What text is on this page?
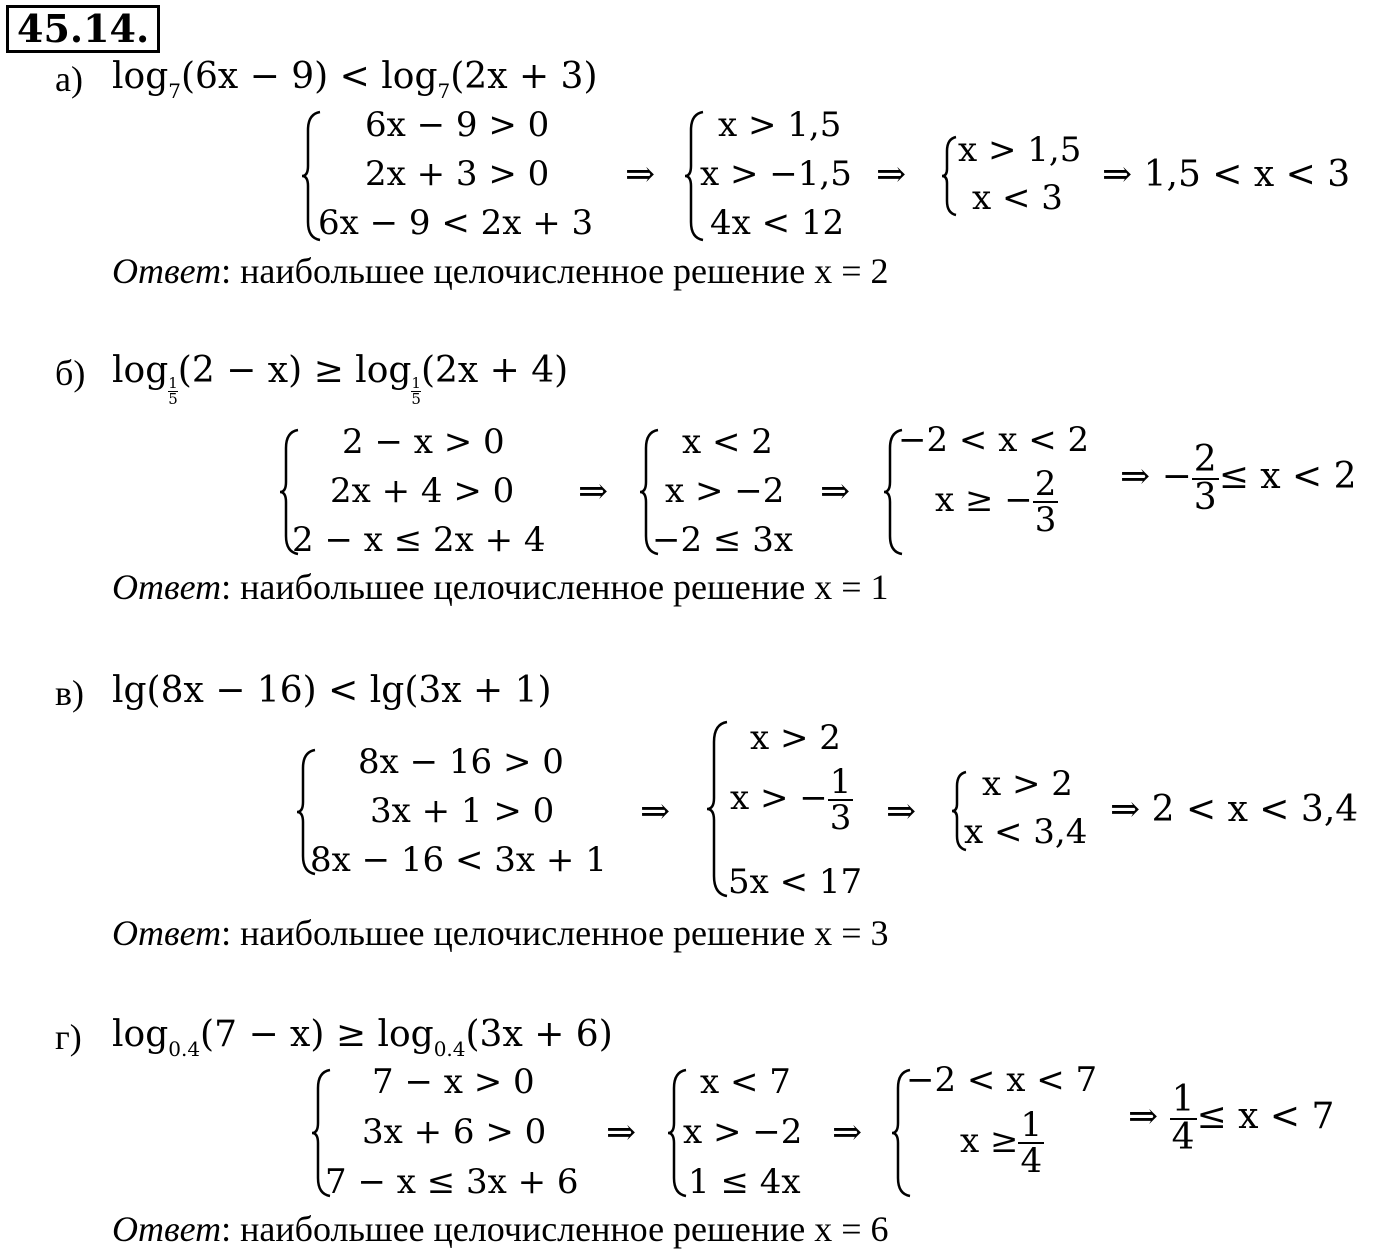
45.14.
а) $\log_7(6x - 9) < \log_7(2x + 3)$
6x − 9 > 0
2x + 3 > 0
6x − 9 < 2x + 3
⇒
x > 1,5
x > −1,5
4x < 12
⇒
x > 1,5
x < 3
⇒ 1,5 < x < 3
Ответ: наибольшее целочисленное решение x = 2
б) log
$\frac{1}{5}$
(2 − x) ≥ log
$\frac{1}{5}$
(2x + 4)
2 − x > 0
2x + 4 > 0
2 − x ≤ 2x + 4
⇒
x < 2
x > −2
−2 ≤ 3x
⇒
−2 < x < 2
x ≥ − $\frac{2}{3}$ ⇒ − $\frac{2}{3} \le x < 2$
Ответ: наибольшее целочисленное решение x = 1
в) lg(8x − 16) < lg(3x + 1)
8x − 16 > 0
3x + 1 > 0
8x − 16 < 3x + 1
⇒
x > 2
x > − $\frac{1}{3}$
5x < 17
⇒
x > 2
x < 3,4
⇒ 2 < x < 3,4
Ответ: наибольшее целочисленное решение x = 3
г) $\log_{0.4}(7 - x) \ge \log_{0.4}(3x + 6)$
7 − x > 0
3x + 6 > 0
7 − x ≤ 3x + 6
⇒
x < 7
x > −2
1 ≤ 4x
⇒
−2 < x < 7
$x \ge \frac{1}{4}$ ⇒ $\frac{1}{4} \le x < 7$
Ответ: наибольшее целочисленное решение x = 6
